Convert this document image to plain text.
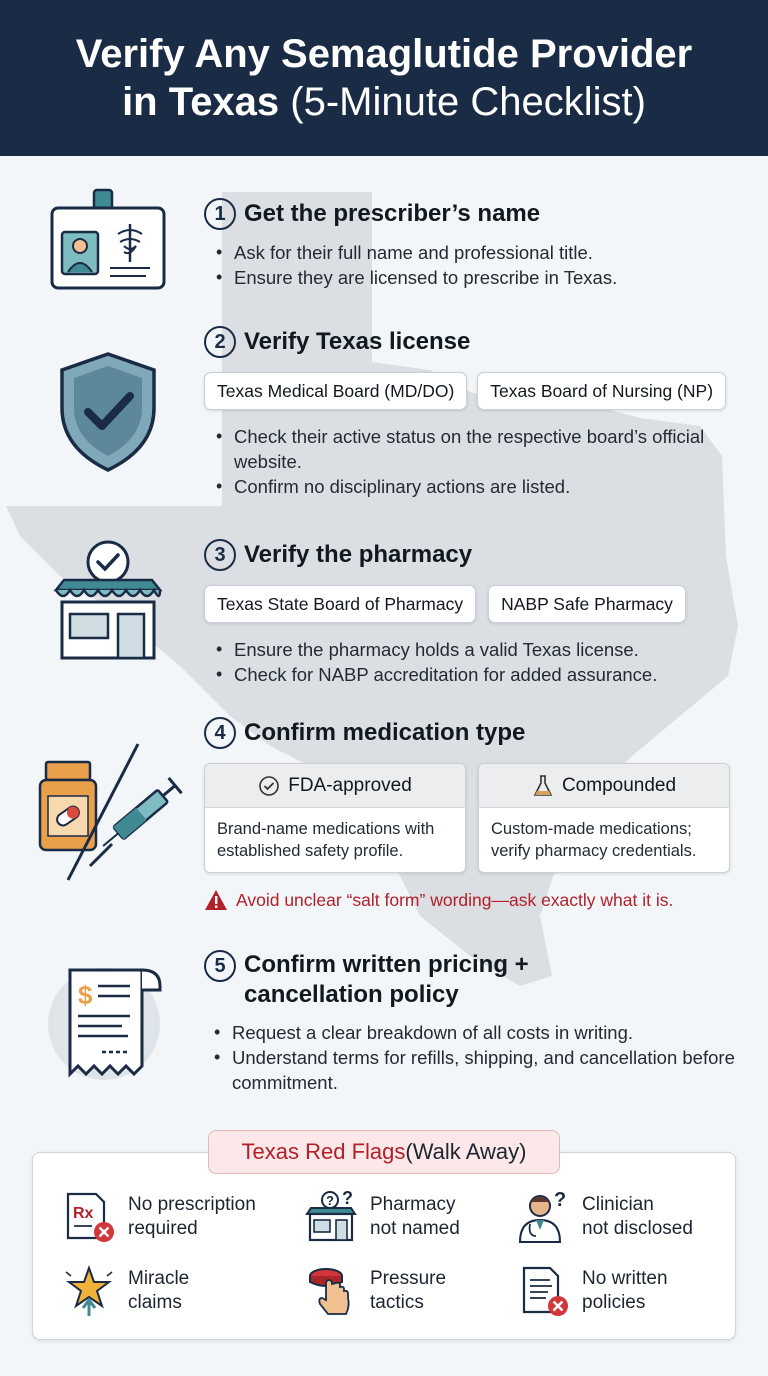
Verify Any Semaglutide Provider
in Texas (5-Minute Checklist)
$
1 Get the prescriber’s name
• Ask for their full name and professional title.
• Ensure they are licensed to prescribe in Texas.
2 Verify Texas license
Texas Medical Board (MD/DO)	Texas Board of Nursing (NP)
• Check their active status on the respective board’s official website.
• Confirm no disciplinary actions are listed.
3 Verify the pharmacy
Texas State Board of Pharmacy	NABP Safe Pharmacy
• Ensure the pharmacy holds a valid Texas license.
• Check for NABP accreditation for added assurance.
4 Confirm medication type
FDA-approved
Brand-name medications with established safety profile.
Compounded
Custom-made medications; verify pharmacy credentials.
Avoid unclear “salt form” wording—ask exactly what it is.
5 Confirm written pricing +
cancellation policy
• Request a clear breakdown of all costs in writing.
• Understand terms for refills, shipping, and cancellation before commitment.
Texas Red Flags (Walk Away)
Rx No prescription
required
? ? Pharmacy
not named
? Clinician
not disclosed
Miracle
claims
Pressure
tactics
No written
policies
